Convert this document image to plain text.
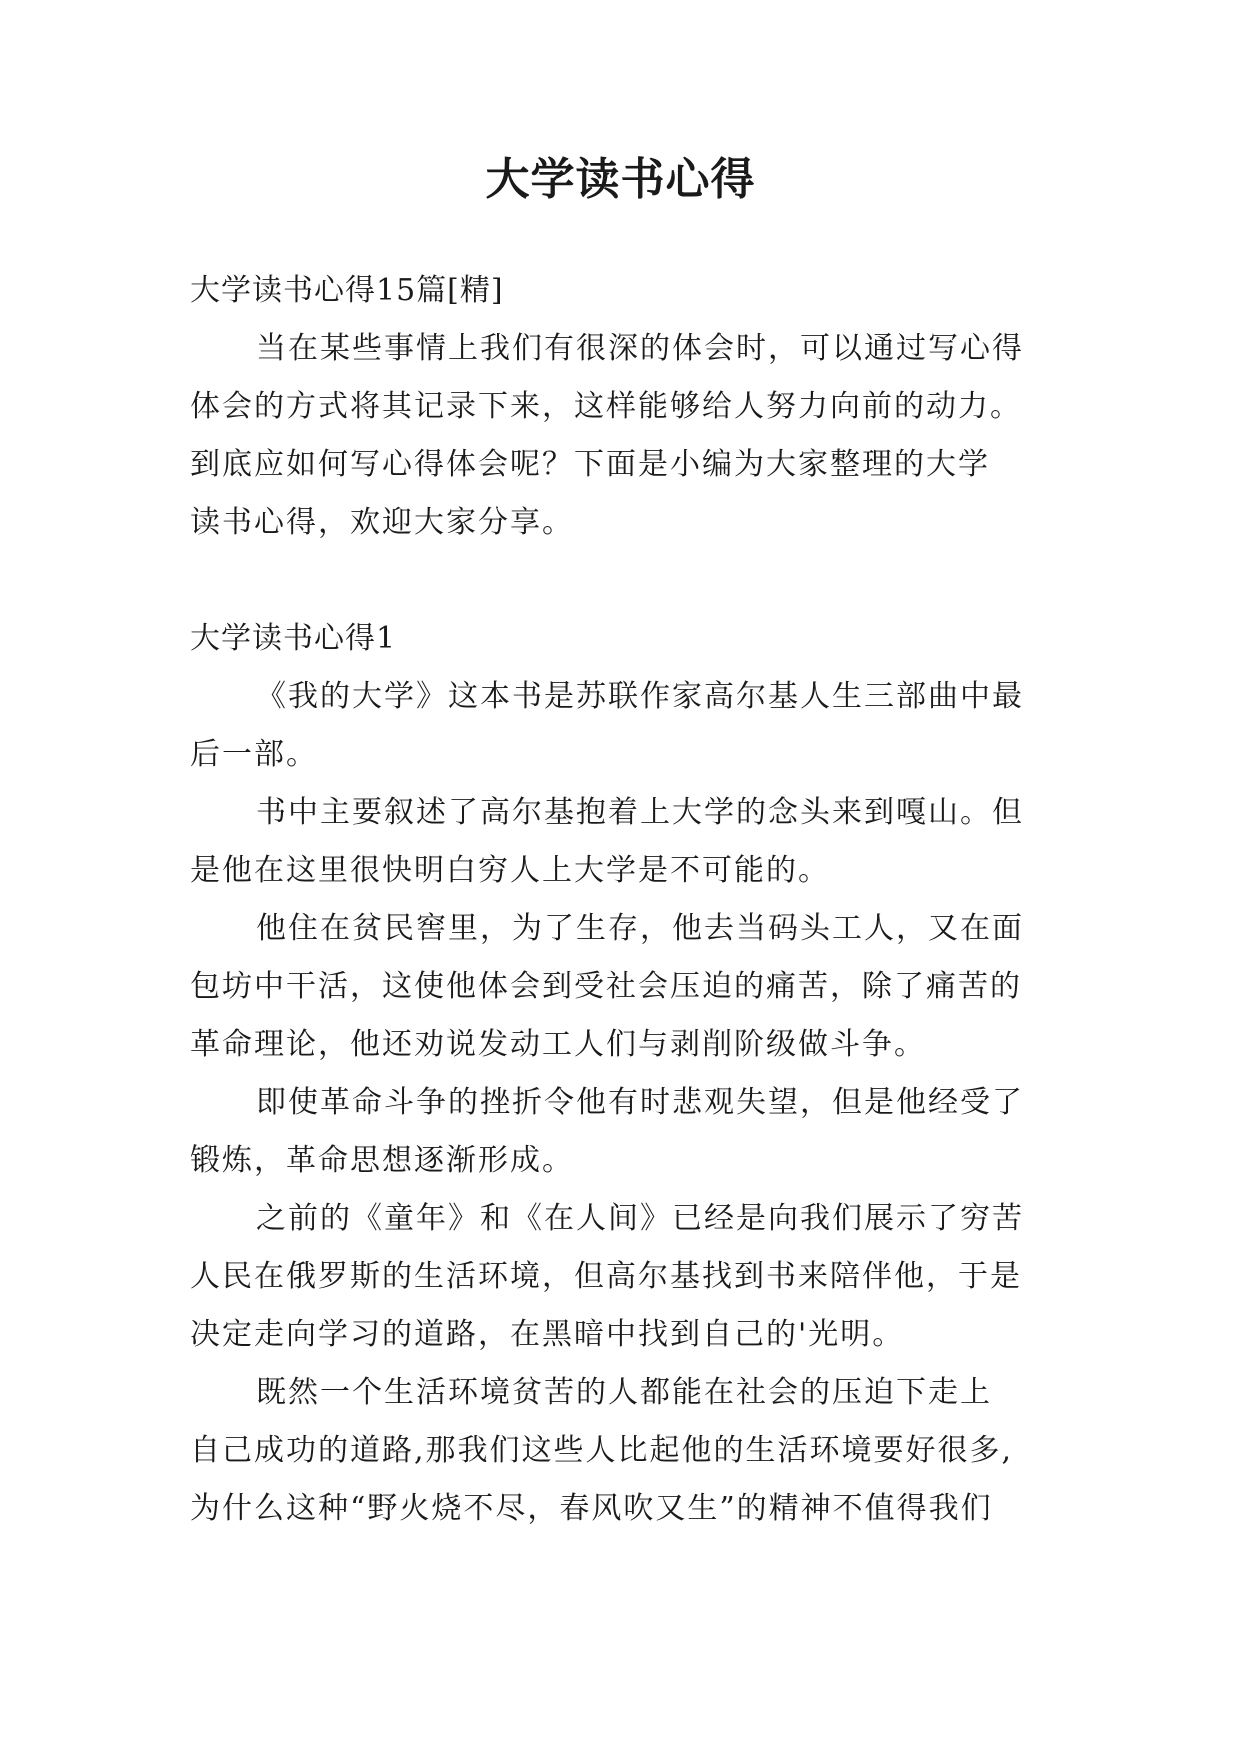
大学读书心得

大学读书心得15篇[精]

当在某些事情上我们有很深的体会时，可以通过写心得

体会的方式将其记录下来，这样能够给人努力向前的动力。

到底应如何写心得体会呢？下面是小编为大家整理的大学

读书心得，欢迎大家分享。

大学读书心得1

《我的大学》这本书是苏联作家高尔基人生三部曲中最

后一部。

书中主要叙述了高尔基抱着上大学的念头来到嘎山。但

是他在这里很快明白穷人上大学是不可能的。

他住在贫民窖里，为了生存，他去当码头工人，又在面

包坊中干活，这使他体会到受社会压迫的痛苦，除了痛苦的

革命理论，他还劝说发动工人们与剥削阶级做斗争。

即使革命斗争的挫折令他有时悲观失望，但是他经受了

锻炼，革命思想逐渐形成。

之前的《童年》和《在人间》已经是向我们展示了穷苦

人民在俄罗斯的生活环境，但高尔基找到书来陪伴他，于是

决定走向学习的道路，在黑暗中找到自己的'光明。

既然一个生活环境贫苦的人都能在社会的压迫下走上

自己成功的道路,那我们这些人比起他的生活环境要好很多,

为什么这种“野火烧不尽，春风吹又生”的精神不值得我们
